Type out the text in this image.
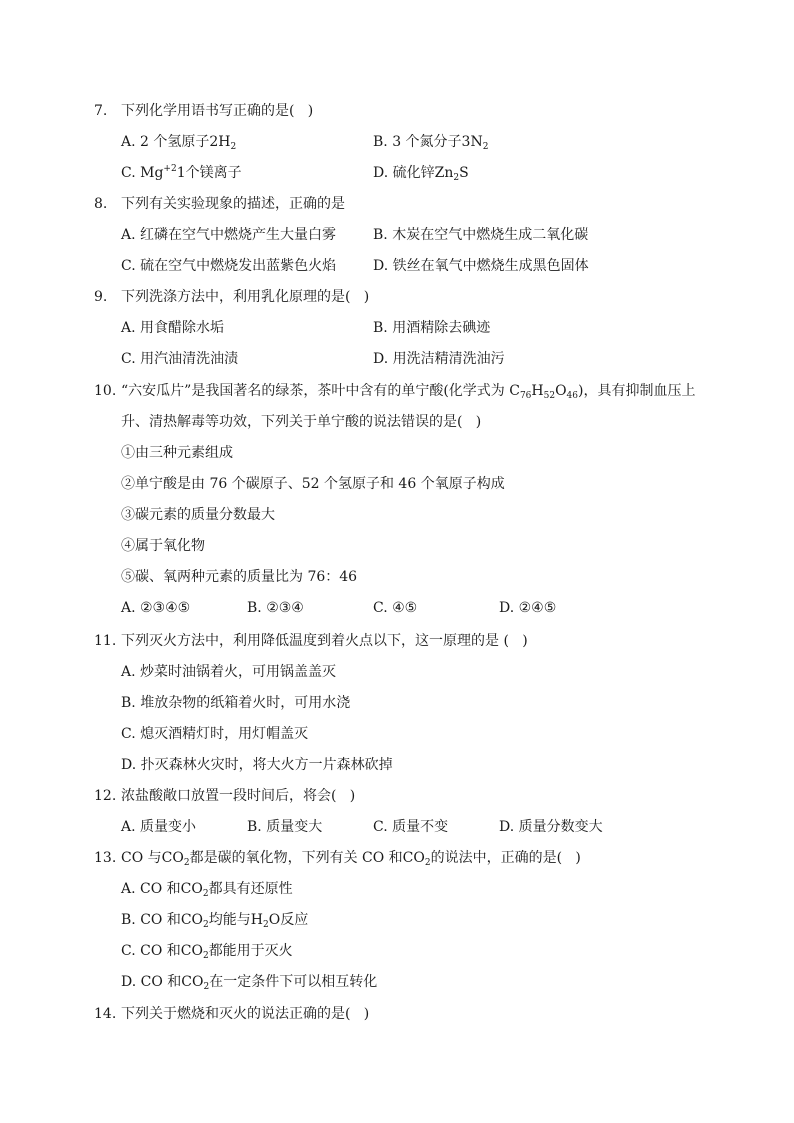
7. 下列化学用语书写正确的是(   )
A. 2 个氢原子$2H_2$	B. 3 个氮分子$3N_2$
C. $Mg^{+2}1$个镁离子	D. 硫化锌$Zn_2S$
8. 下列有关实验现象的描述，正确的是
A. 红磷在空气中燃烧产生大量白雾	B. 木炭在空气中燃烧生成二氧化碳
C. 硫在空气中燃烧发出蓝紫色火焰	D. 铁丝在氧气中燃烧生成黑色固体
9. 下列洗涤方法中，利用乳化原理的是(   )
A. 用食醋除水垢	B. 用酒精除去碘迹
C. 用汽油清洗油渍	D. 用洗洁精清洗油污
10. “六安瓜片”是我国著名的绿茶，茶叶中含有的单宁酸(化学式为 $C_{76}H_{52}O_{46}$)，具有抑制血压上
升、清热解毒等功效，下列关于单宁酸的说法错误的是(   )
①由三种元素组成
②单宁酸是由 76 个碳原子、52 个氢原子和 46 个氧原子构成
③碳元素的质量分数最大
④属于氧化物
⑤碳、氧两种元素的质量比为 76：46
A. ②③④⑤	B. ②③④	C. ④⑤	D. ②④⑤
11. 下列灭火方法中，利用降低温度到着火点以下，这一原理的是 (   )
A. 炒菜时油锅着火，可用锅盖盖灭
B. 堆放杂物的纸箱着火时，可用水浇
C. 熄灭酒精灯时，用灯帽盖灭
D. 扑灭森林火灾时，将大火方一片森林砍掉
12. 浓盐酸敞口放置一段时间后，将会(   )
A. 质量变小	B. 质量变大	C. 质量不变	D. 质量分数变大
13. CO 与$CO_2$都是碳的氧化物，下列有关 CO 和$CO_2$的说法中，正确的是(   )
A. CO 和$CO_2$都具有还原性
B. CO 和$CO_2$均能与$H_2O$反应
C. CO 和$CO_2$都能用于灭火
D. CO 和$CO_2$在一定条件下可以相互转化
14. 下列关于燃烧和灭火的说法正确的是(   )
